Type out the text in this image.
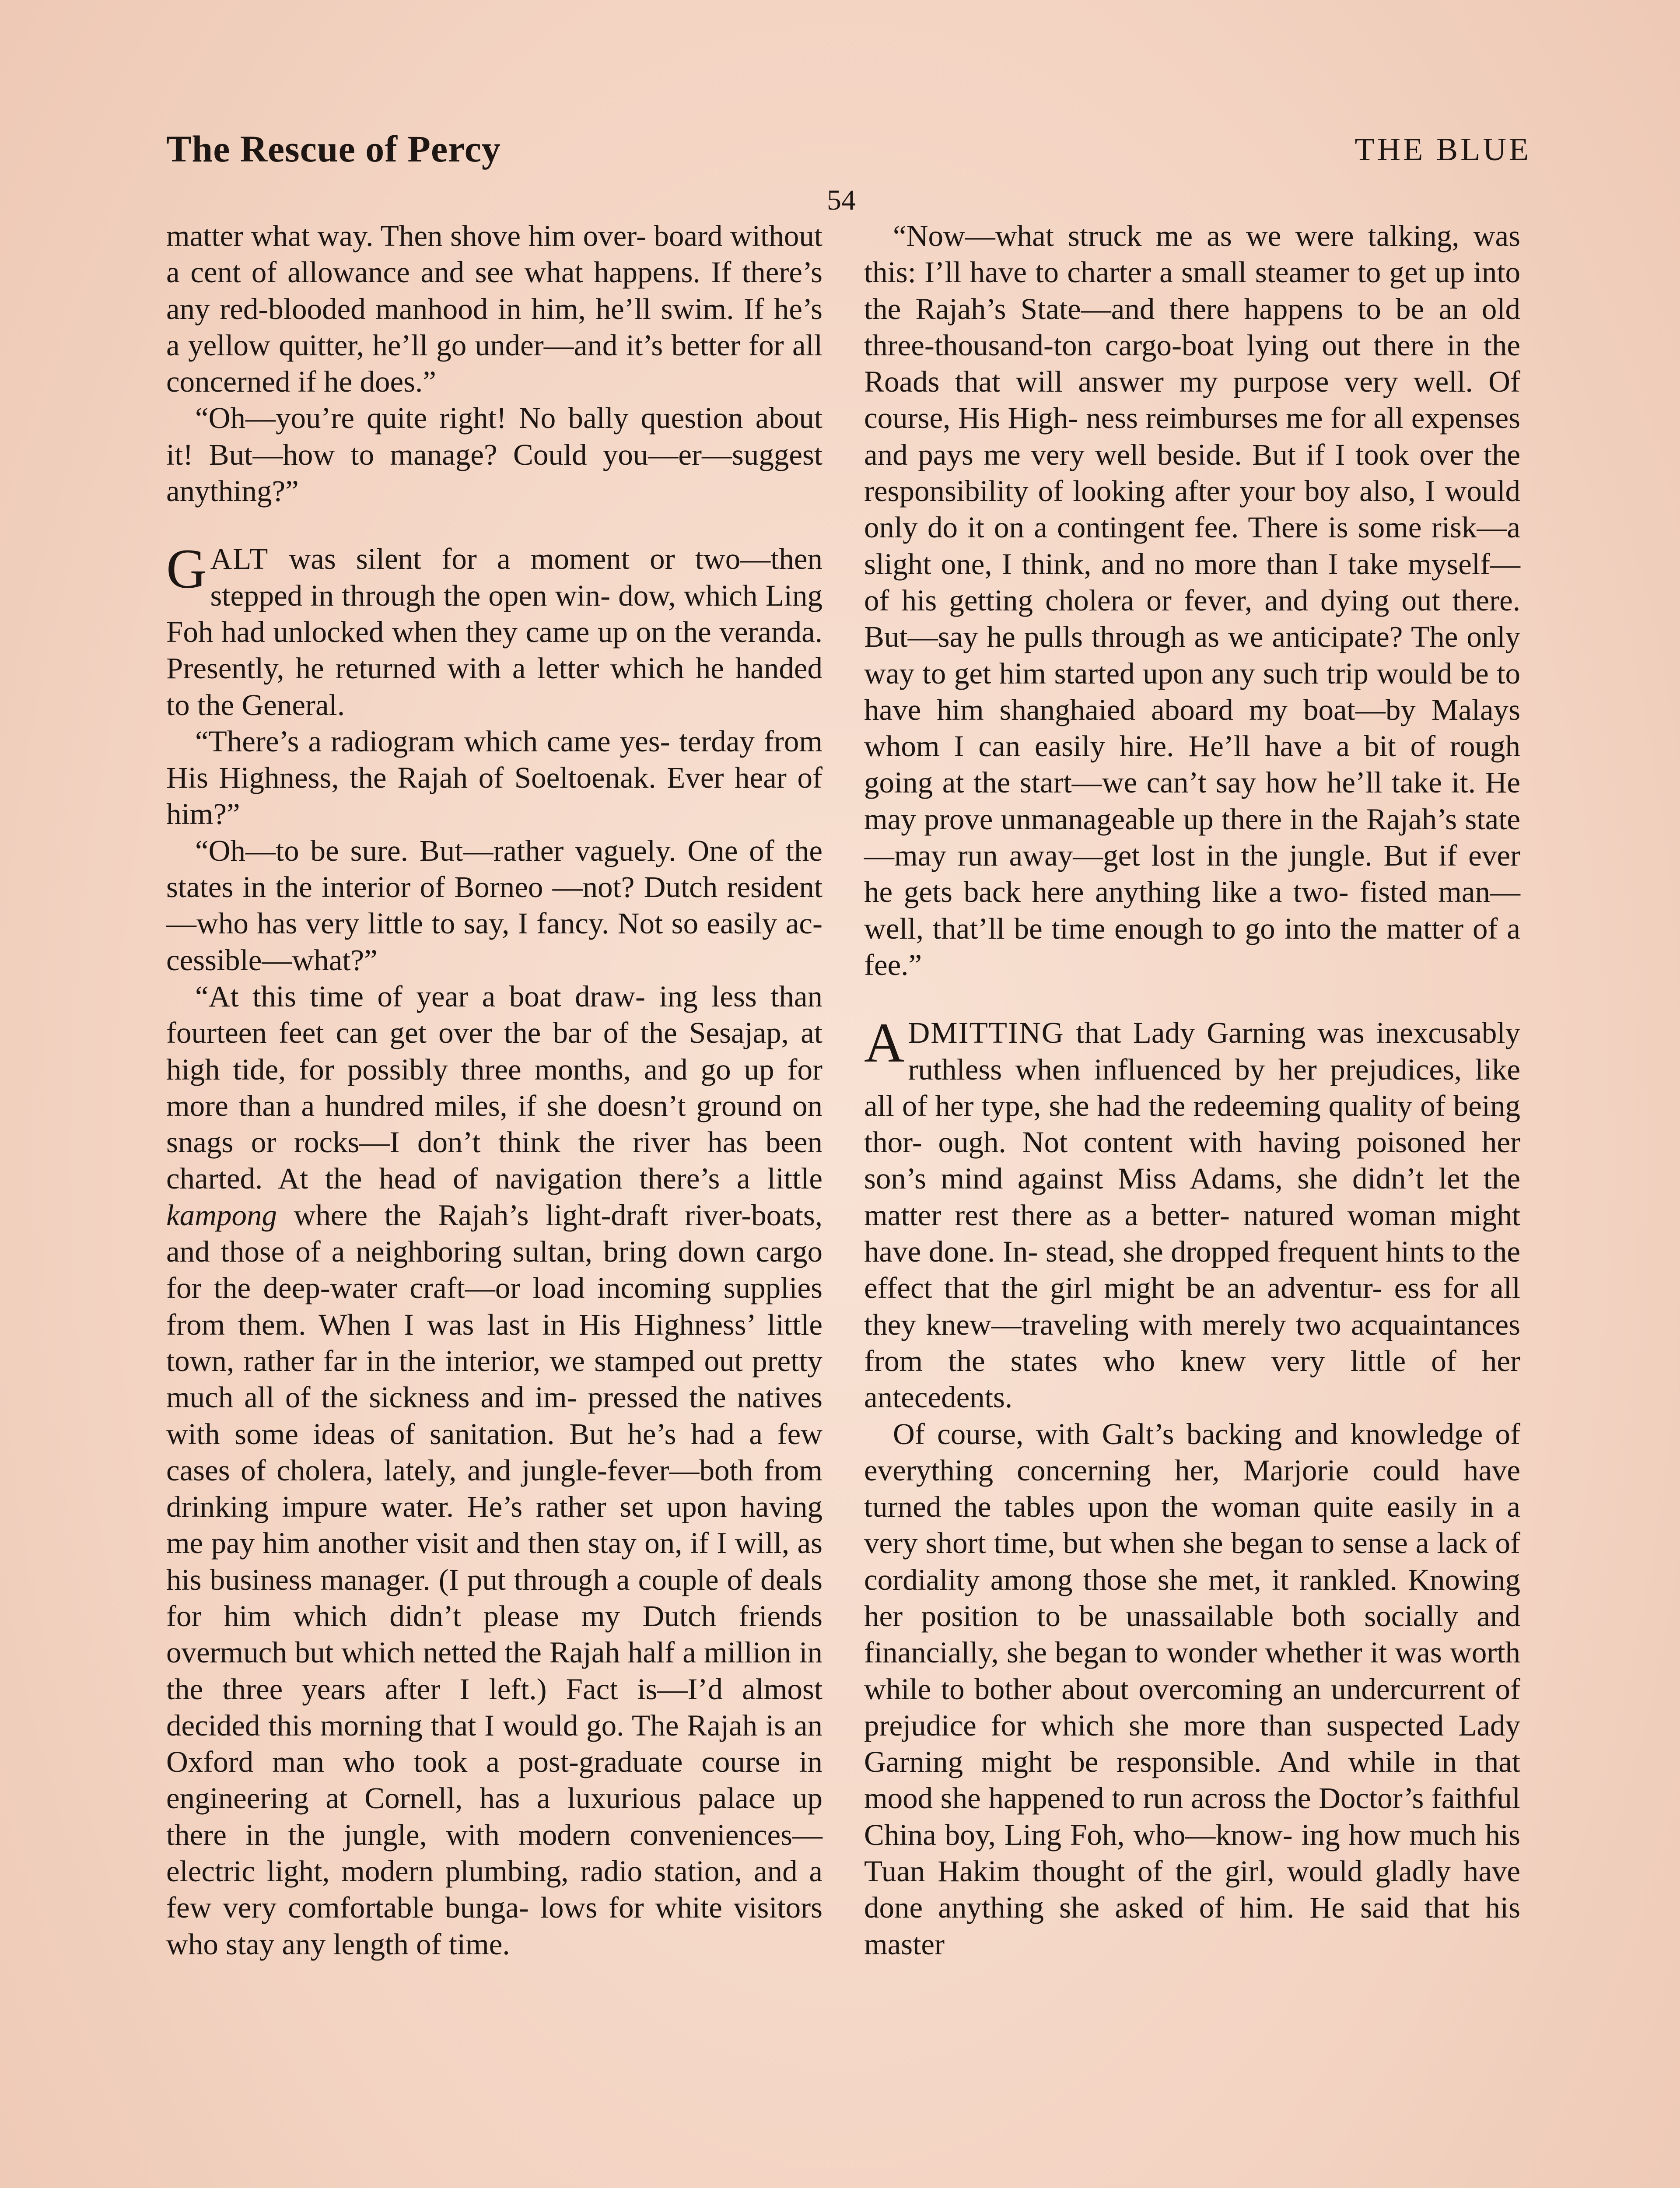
The Rescue of Percy	THE BLUE
54

matter what way. Then shove him over- board without a cent of allowance and see what happens. If there’s any red-blooded manhood in him, he’ll swim. If he’s a yellow quitter, he’ll go under—and it’s better for all concerned if he does.”

“Oh—you’re quite right! No bally question about it! But—how to manage? Could you—er—suggest anything?”

GALT was silent for a moment or two—then stepped in through the open win- dow, which Ling Foh had unlocked when they came up on the veranda. Presently, he returned with a letter which he handed to the General.

“There’s a radiogram which came yes- terday from His Highness, the Rajah of Soeltoenak. Ever hear of him?”

“Oh—to be sure. But—rather vaguely. One of the states in the interior of Borneo —not? Dutch resident—who has very little to say, I fancy. Not so easily ac- cessible—what?”

“At this time of year a boat draw- ing less than fourteen feet can get over the bar of the Sesajap, at high tide, for possibly three months, and go up for more than a hundred miles, if she doesn’t ground on snags or rocks—I don’t think the river has been charted. At the head of navigation there’s a little kampong where the Rajah’s light-draft river-boats, and those of a neighboring sultan, bring down cargo for the deep-water craft—or load incoming supplies from them. When I was last in His Highness’ little town, rather far in the interior, we stamped out pretty much all of the sickness and im- pressed the natives with some ideas of sanitation. But he’s had a few cases of cholera, lately, and jungle-fever—both from drinking impure water. He’s rather set upon having me pay him another visit and then stay on, if I will, as his business manager. (I put through a couple of deals for him which didn’t please my Dutch friends overmuch but which netted the Rajah half a million in the three years after I left.) Fact is—I’d almost decided this morning that I would go. The Rajah is an Oxford man who took a post-graduate course in engineering at Cornell, has a luxurious palace up there in the jungle, with modern conveniences—electric light, modern plumbing, radio station, and a few very comfortable bunga- lows for white visitors who stay any length of time.

“Now—what struck me as we were talking, was this: I’ll have to charter a small steamer to get up into the Rajah’s State—and there happens to be an old three-thousand-ton cargo-boat lying out there in the Roads that will answer my purpose very well. Of course, His High- ness reimburses me for all expenses and pays me very well beside. But if I took over the responsibility of looking after your boy also, I would only do it on a contingent fee. There is some risk—a slight one, I think, and no more than I take myself—of his getting cholera or fever, and dying out there. But—say he pulls through as we anticipate? The only way to get him started upon any such trip would be to have him shanghaied aboard my boat—by Malays whom I can easily hire. He’ll have a bit of rough going at the start—we can’t say how he’ll take it. He may prove unmanageable up there in the Rajah’s state—may run away—get lost in the jungle. But if ever he gets back here anything like a two- fisted man—well, that’ll be time enough to go into the matter of a fee.”

ADMITTING that Lady Garning was inexcusably ruthless when influenced by her prejudices, like all of her type, she had the redeeming quality of being thor- ough. Not content with having poisoned her son’s mind against Miss Adams, she didn’t let the matter rest there as a better- natured woman might have done. In- stead, she dropped frequent hints to the effect that the girl might be an adventur- ess for all they knew—traveling with merely two acquaintances from the states who knew very little of her antecedents.

Of course, with Galt’s backing and knowledge of everything concerning her, Marjorie could have turned the tables upon the woman quite easily in a very short time, but when she began to sense a lack of cordiality among those she met, it rankled. Knowing her position to be unassailable both socially and financially, she began to wonder whether it was worth while to bother about overcoming an undercurrent of prejudice for which she more than suspected Lady Garning might be responsible. And while in that mood she happened to run across the Doctor’s faithful China boy, Ling Foh, who—know- ing how much his Tuan Hakim thought of the girl, would gladly have done anything she asked of him. He said that his master
